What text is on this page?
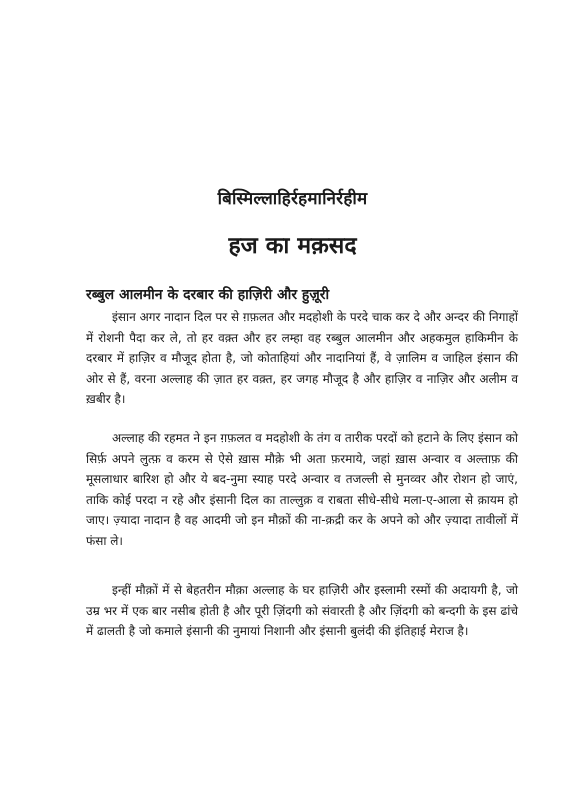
बिस्मिल्लाहिर्रहमानिर्रहीम
हज का मक़सद
रब्बुल आलमीन के दरबार की हाज़िरी और हुज़ूरी
इंसान अगर नादान दिल पर से ग़फ़लत और मदहोशी के परदे चाक कर दे और अन्दर की निगाहों में रोशनी पैदा कर ले, तो हर वक़्त और हर लम्हा वह रब्बुल आलमीन और अहकमुल हाकिमीन के दरबार में हाज़िर व मौजूद होता है, जो कोताहियां और नादानियां हैं, वे ज़ालिम व जाहिल इंसान की ओर से हैं, वरना अल्लाह की ज़ात हर वक़्त, हर जगह मौजूद है और हाज़िर व नाज़िर और अलीम व ख़बीर है।
अल्लाह की रहमत ने इन ग़फ़लत व मदहोशी के तंग व तारीक परदों को हटाने के लिए इंसान को सिर्फ़ अपने लुत्फ़ व करम से ऐसे ख़ास मौक़े भी अता फ़रमाये, जहां ख़ास अन्वार व अल्ताफ़ की मूसलाधार बारिश हो और ये बद-नुमा स्याह परदे अन्वार व तजल्ली से मुनव्वर और रोशन हो जाएं, ताकि कोई परदा न रहे और इंसानी दिल का ताल्लुक़ व राबता सीधे-सीधे मला-ए-आला से क़ायम हो जाए। ज़्यादा नादान है वह आदमी जो इन मौक़ों की ना-क़द्री कर के अपने को और ज़्यादा तावीलों में फंसा ले।
इन्हीं मौक़ों में से बेहतरीन मौक़ा अल्लाह के घर हाज़िरी और इस्लामी रस्मों की अदायगी है, जो उम्र भर में एक बार नसीब होती है और पूरी ज़िंदगी को संवारती है और ज़िंदगी को बन्दगी के इस ढांचे में ढालती है जो कमाले इंसानी की नुमायां निशानी और इंसानी बुलंदी की इंतिहाई मेराज है।
